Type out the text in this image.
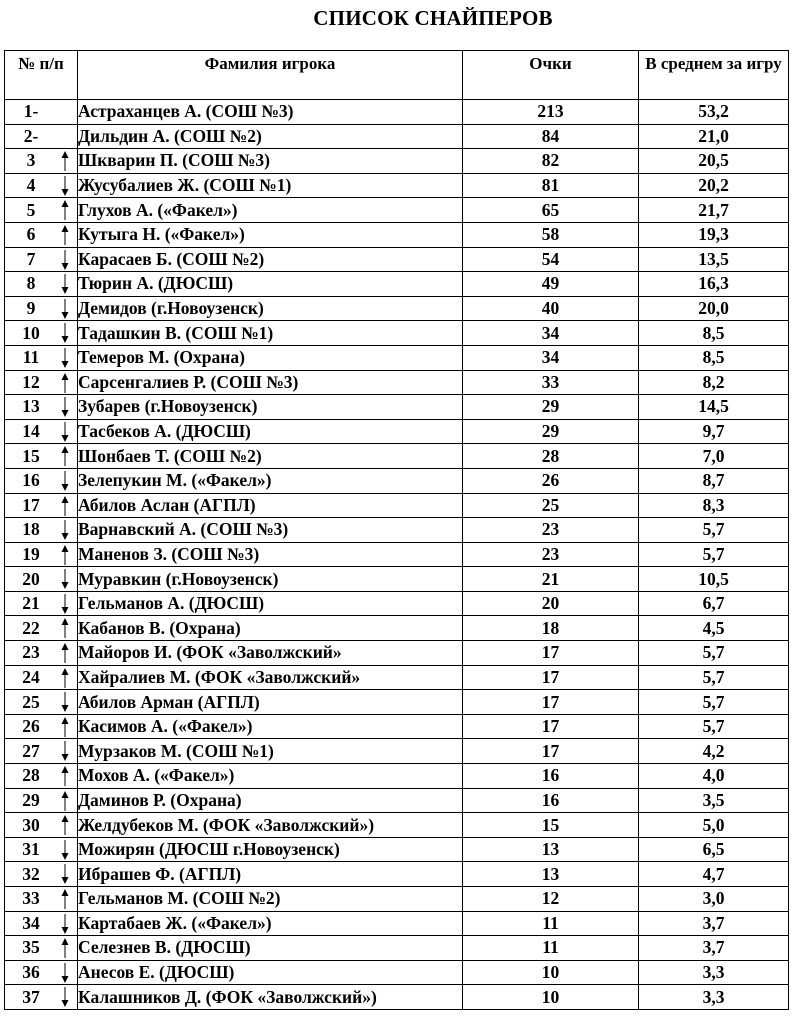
СПИСОК СНАЙПЕРОВ
№ п/п	Фамилия игрока	Очки	В среднем за игру
1-	Астраханцев А. (СОШ №3)	213	53,2
2-	Дильдин А. (СОШ №2)	84	21,0
3	Шкварин П. (СОШ №3)	82	20,5
4	Жусубалиев Ж. (СОШ №1)	81	20,2
5	Глухов А. («Факел»)	65	21,7
6	Кутыга Н. («Факел»)	58	19,3
7	Карасаев Б. (СОШ №2)	54	13,5
8	Тюрин А. (ДЮСШ)	49	16,3
9	Демидов (г.Новоузенск)	40	20,0
10	Тадашкин В. (СОШ №1)	34	8,5
11	Темеров М. (Охрана)	34	8,5
12	Сарсенгалиев Р. (СОШ №3)	33	8,2
13	Зубарев (г.Новоузенск)	29	14,5
14	Тасбеков А. (ДЮСШ)	29	9,7
15	Шонбаев Т. (СОШ №2)	28	7,0
16	Зелепукин М. («Факел»)	26	8,7
17	Абилов Аслан (АГПЛ)	25	8,3
18	Варнавский А. (СОШ №3)	23	5,7
19	Маненов З. (СОШ №3)	23	5,7
20	Муравкин (г.Новоузенск)	21	10,5
21	Гельманов А. (ДЮСШ)	20	6,7
22	Кабанов В. (Охрана)	18	4,5
23	Майоров И. (ФОК «Заволжский»	17	5,7
24	Хайралиев М. (ФОК «Заволжский»	17	5,7
25	Абилов Арман (АГПЛ)	17	5,7
26	Касимов А. («Факел»)	17	5,7
27	Мурзаков М. (СОШ №1)	17	4,2
28	Мохов А. («Факел»)	16	4,0
29	Даминов Р. (Охрана)	16	3,5
30	Желдубеков М. (ФОК «Заволжский»)	15	5,0
31	Можирян (ДЮСШ г.Новоузенск)	13	6,5
32	Ибрашев Ф. (АГПЛ)	13	4,7
33	Гельманов М. (СОШ №2)	12	3,0
34	Картабаев Ж. («Факел»)	11	3,7
35	Селезнев В. (ДЮСШ)	11	3,7
36	Анесов Е. (ДЮСШ)	10	3,3
37	Калашников Д. (ФОК «Заволжский»)	10	3,3
